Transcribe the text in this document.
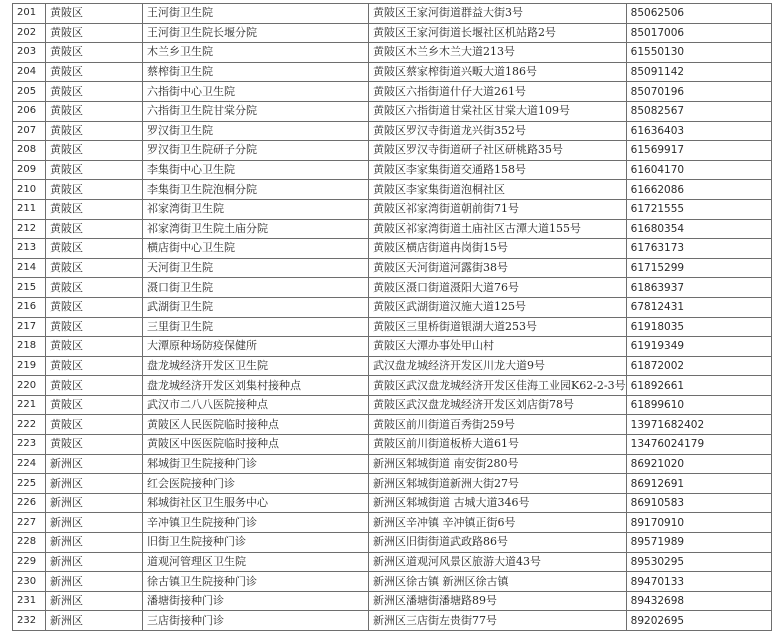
201	黄陂区	王河街卫生院	黄陂区王家河街道群益大街3号	85062506
202	黄陂区	王河街卫生院长堰分院	黄陂区王家河街道长堰社区机站路2号	85017006
203	黄陂区	木兰乡卫生院	黄陂区木兰乡木兰大道213号	61550130
204	黄陂区	蔡榨街卫生院	黄陂区蔡家榨街道兴畈大道186号	85091142
205	黄陂区	六指街中心卫生院	黄陂区六指街道什仔大道261号	85070196
206	黄陂区	六指街卫生院甘棠分院	黄陂区六指街道甘棠社区甘棠大道109号	85082567
207	黄陂区	罗汉街卫生院	黄陂区罗汉寺街道龙兴街352号	61636403
208	黄陂区	罗汉街卫生院研子分院	黄陂区罗汉寺街道研子社区研桃路35号	61569917
209	黄陂区	李集街中心卫生院	黄陂区李家集街道交通路158号	61604170
210	黄陂区	李集街卫生院泡桐分院	黄陂区李家集街道泡桐社区	61662086
211	黄陂区	祁家湾街卫生院	黄陂区祁家湾街道朝前街71号	61721555
212	黄陂区	祁家湾街卫生院土庙分院	黄陂区祁家湾街道土庙社区古潭大道155号	61680354
213	黄陂区	横店街中心卫生院	黄陂区横店街道冉岗街15号	61763173
214	黄陂区	天河街卫生院	黄陂区天河街道河露街38号	61715299
215	黄陂区	滠口街卫生院	黄陂区滠口街道滠阳大道76号	61863937
216	黄陂区	武湖街卫生院	黄陂区武湖街道汉施大道125号	67812431
217	黄陂区	三里街卫生院	黄陂区三里桥街道银湖大道253号	61918035
218	黄陂区	大潭原种场防疫保健所	黄陂区大潭办事处甲山村	61919349
219	黄陂区	盘龙城经济开发区卫生院	武汉盘龙城经济开发区川龙大道9号	61872002
220	黄陂区	盘龙城经济开发区刘集村接种点	黄陂区武汉盘龙城经济开发区佳海工业园K62-2-3号	61892661
221	黄陂区	武汉市二八八医院接种点	黄陂区武汉盘龙城经济开发区刘店街78号	61899610
222	黄陂区	黄陂区人民医院临时接种点	黄陂区前川街道百秀街259号	13971682402
223	黄陂区	黄陂区中医医院临时接种点	黄陂区前川街道板桥大道61号	13476024179
224	新洲区	邾城街卫生院接种门诊	新洲区邾城街道 南安街280号	86921020
225	新洲区	红会医院接种门诊	新洲区邾城街道新洲大街27号	86912691
226	新洲区	邾城街社区卫生服务中心	新洲区邾城街道 古城大道346号	86910583
227	新洲区	辛冲镇卫生院接种门诊	新洲区辛冲镇 辛冲镇正街6号	89170910
228	新洲区	旧街卫生院接种门诊	新洲区旧街街道武政路86号	89571989
229	新洲区	道观河管理区卫生院	新洲区道观河风景区旅游大道43号	89530295
230	新洲区	徐古镇卫生院接种门诊	新洲区徐古镇 新洲区徐古镇	89470133
231	新洲区	潘塘街接种门诊	新洲区潘塘街潘塘路89号	89432698
232	新洲区	三店街接种门诊	新洲区三店街左贵街77号	89202695
